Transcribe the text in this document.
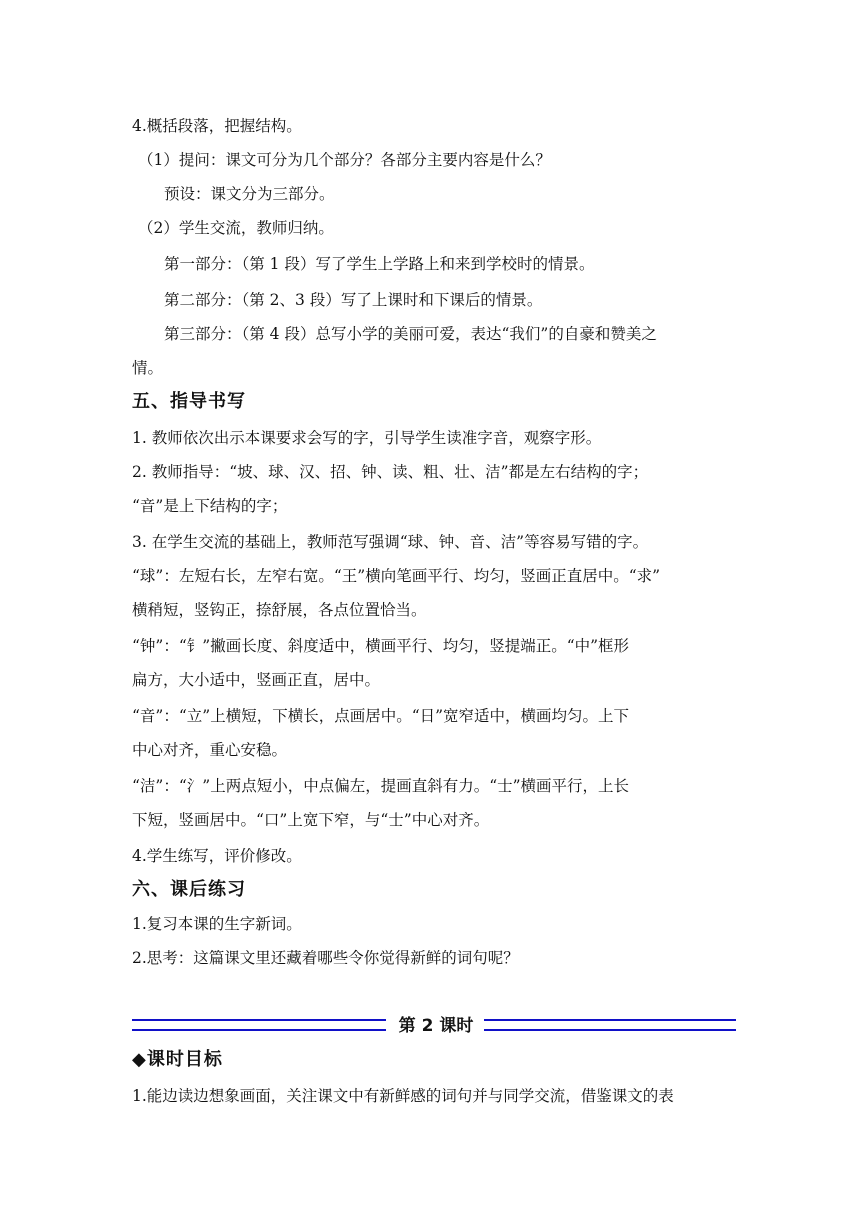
4.概括段落，把握结构。
（1）提问：课文可分为几个部分？各部分主要内容是什么？
预设：课文分为三部分。
（2）学生交流，教师归纳。
第一部分：（第 1 段）写了学生上学路上和来到学校时的情景。
第二部分：（第 2、3 段）写了上课时和下课后的情景。
第三部分：（第 4 段）总写小学的美丽可爱，表达“我们”的自豪和赞美之
情。
五、指导书写
1. 教师依次出示本课要求会写的字，引导学生读准字音，观察字形。
2. 教师指导：“坡、球、汉、招、钟、读、粗、壮、洁”都是左右结构的字；
“音”是上下结构的字；
3. 在学生交流的基础上，教师范写强调“球、钟、音、洁”等容易写错的字。
“球”：左短右长，左窄右宽。“王”横向笔画平行、均匀，竖画正直居中。“求”
横稍短，竖钩正，捺舒展，各点位置恰当。
“钟”：“钅”撇画长度、斜度适中，横画平行、均匀，竖提端正。“中”框形
扁方，大小适中，竖画正直，居中。
“音”：“立”上横短，下横长，点画居中。“日”宽窄适中，横画均匀。上下
中心对齐，重心安稳。
“洁”：“氵”上两点短小，中点偏左，提画直斜有力。“士”横画平行，上长
下短，竖画居中。“口”上宽下窄，与“士”中心对齐。
4.学生练写，评价修改。
六、课后练习
1.复习本课的生字新词。
2.思考：这篇课文里还藏着哪些令你觉得新鲜的词句呢？
第 2 课时
◆课时目标
1.能边读边想象画面，关注课文中有新鲜感的词句并与同学交流，借鉴课文的表
